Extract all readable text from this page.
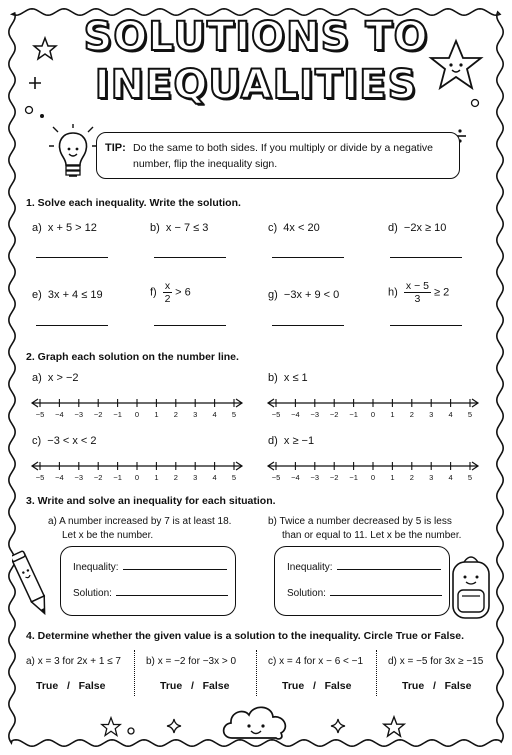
SOLUTIONS TO
INEQUALITIES
TIP: Do the same to both sides. If you multiply or divide by a negative number, flip the inequality sign.
1. Solve each inequality. Write the solution.
a) x + 5 > 12	b) x − 7 ≤ 3	c) 4x < 20	d) −2x ≥ 10
e) 3x + 4 ≤ 19	$f) \frac{x}{2} > 6$	g) −3x + 9 < 0	$h) \frac{x - 5}{3} \ge 2$
2. Graph each solution on the number line.
a) x > −2	b) x ≤ 1
−5 −4 −3 −2 −1 0 1 2 3 4 5	−5 −4 −3 −2 −1 0 1 2 3 4 5
c) −3 < x < 2	d) x ≥ −1
−5 −4 −3 −2 −1 0 1 2 3 4 5	−5 −4 −3 −2 −1 0 1 2 3 4 5
3. Write and solve an inequality for each situation.
a) A number increased by 7 is at least 18.
Let x be the number.
b) Twice a number decreased by 5 is less
than or equal to 11. Let x be the number.
Inequality:
Solution:
Inequality:
Solution:
4. Determine whether the given value is a solution to the inequality. Circle True or False.
a) x = 3 for 2x + 1 ≤ 7	b) x = −2 for −3x > 0	c) x = 4 for x − 6 < −1 d) x = −5 for 3x ≥ −15
True / False	True / False	True / False	True / False
